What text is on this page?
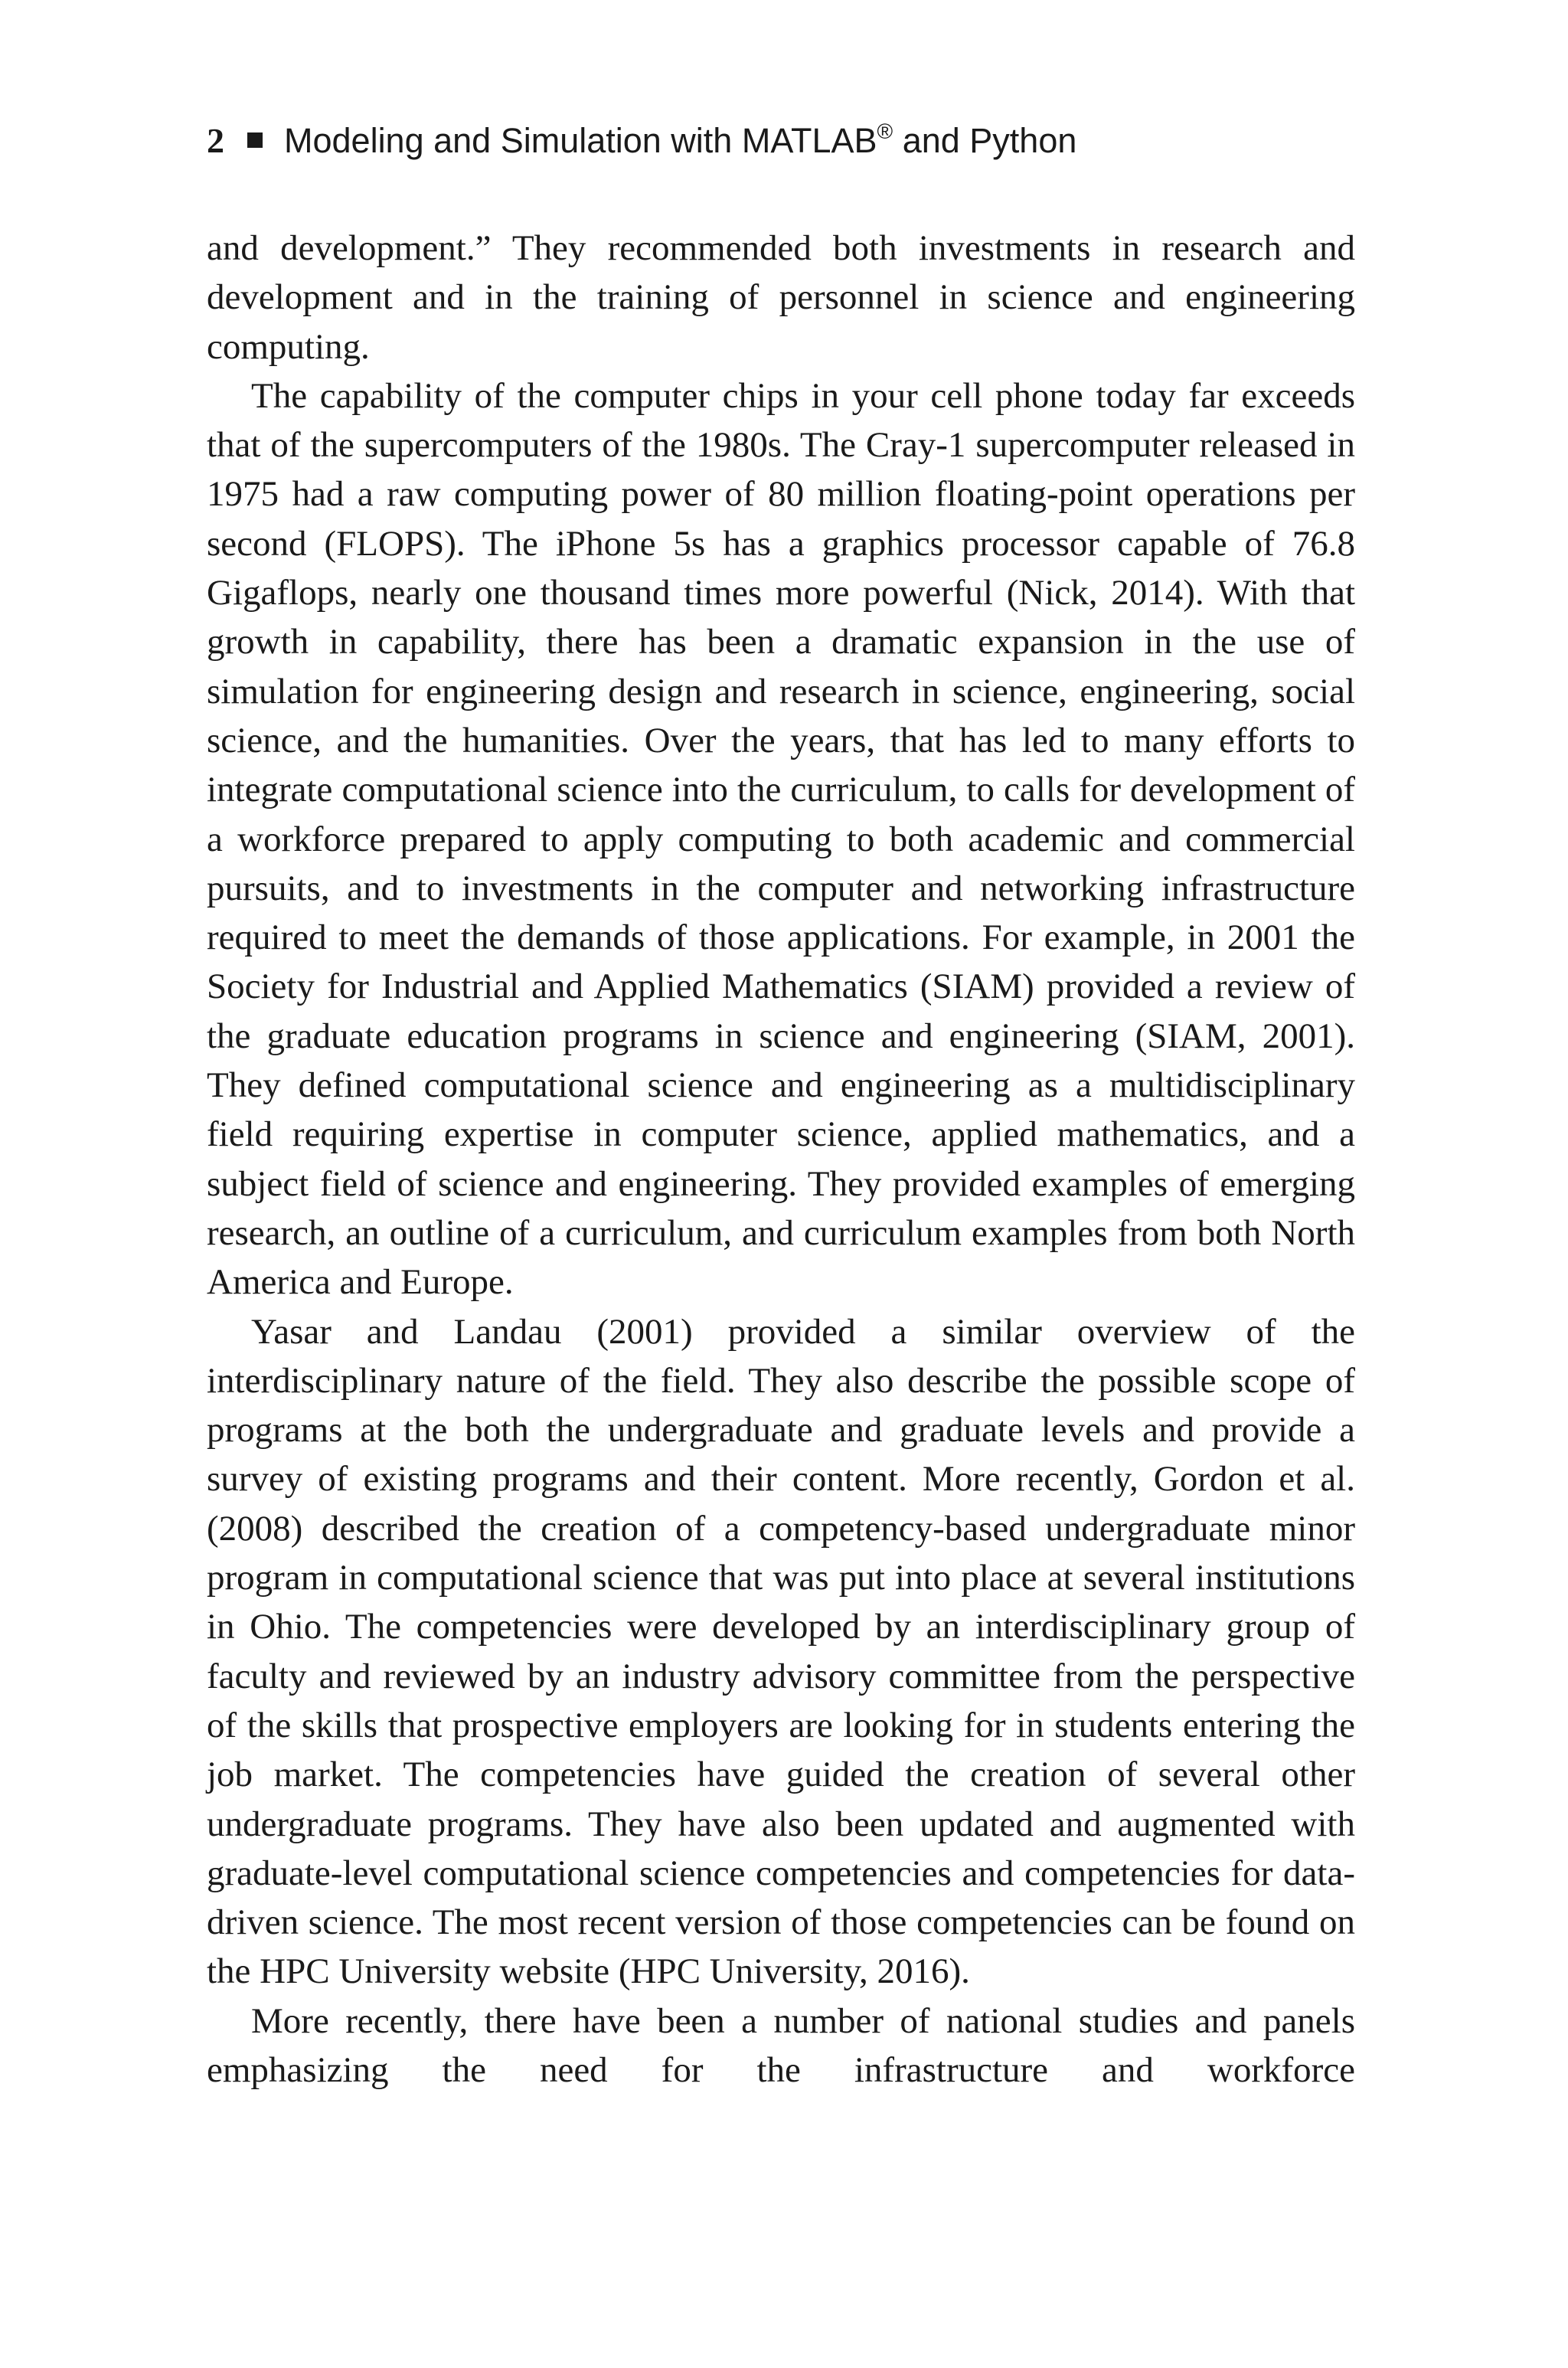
2 Modeling and Simulation with MATLAB® and Python

and development.” They recommended both investments in research and development and in the training of personnel in science and engineering computing.

The capability of the computer chips in your cell phone today far exceeds that of the supercomputers of the 1980s. The Cray-1 supercomputer released in 1975 had a raw computing power of 80 million floating-point operations per second (FLOPS). The iPhone 5s has a graphics processor capable of 76.8 Gigaflops, nearly one thousand times more powerful (Nick, 2014). With that growth in capability, there has been a dramatic expansion in the use of simulation for engineering design and research in science, engineering, social science, and the humanities. Over the years, that has led to many efforts to integrate computational science into the curriculum, to calls for development of a workforce prepared to apply computing to both academic and commercial pursuits, and to investments in the computer and networking infrastructure required to meet the demands of those applications. For example, in 2001 the Society for Industrial and Applied Mathematics (SIAM) provided a review of the graduate education programs in science and engineering (SIAM, 2001). They defined computational science and engineering as a multidisciplinary field requiring expertise in computer science, applied mathematics, and a subject field of science and engineering. They provided examples of emerging research, an outline of a curriculum, and curriculum examples from both North America and Europe.

Yasar and Landau (2001) provided a similar overview of the interdisciplinary nature of the field. They also describe the possible scope of programs at the both the undergraduate and graduate levels and provide a survey of existing programs and their content. More recently, Gordon et al. (2008) described the creation of a competency-based undergraduate minor program in computational science that was put into place at several institutions in Ohio. The competencies were developed by an interdisciplinary group of faculty and reviewed by an industry advisory committee from the perspective of the skills that prospective employers are looking for in students entering the job market. The competencies have guided the creation of several other undergraduate programs. They have also been updated and augmented with graduate-level computational science competencies and competencies for data-driven science. The most recent version of those competencies can be found on the HPC University website (HPC University, 2016).

More recently, there have been a number of national studies and panels emphasizing the need for the infrastructure and workforce
